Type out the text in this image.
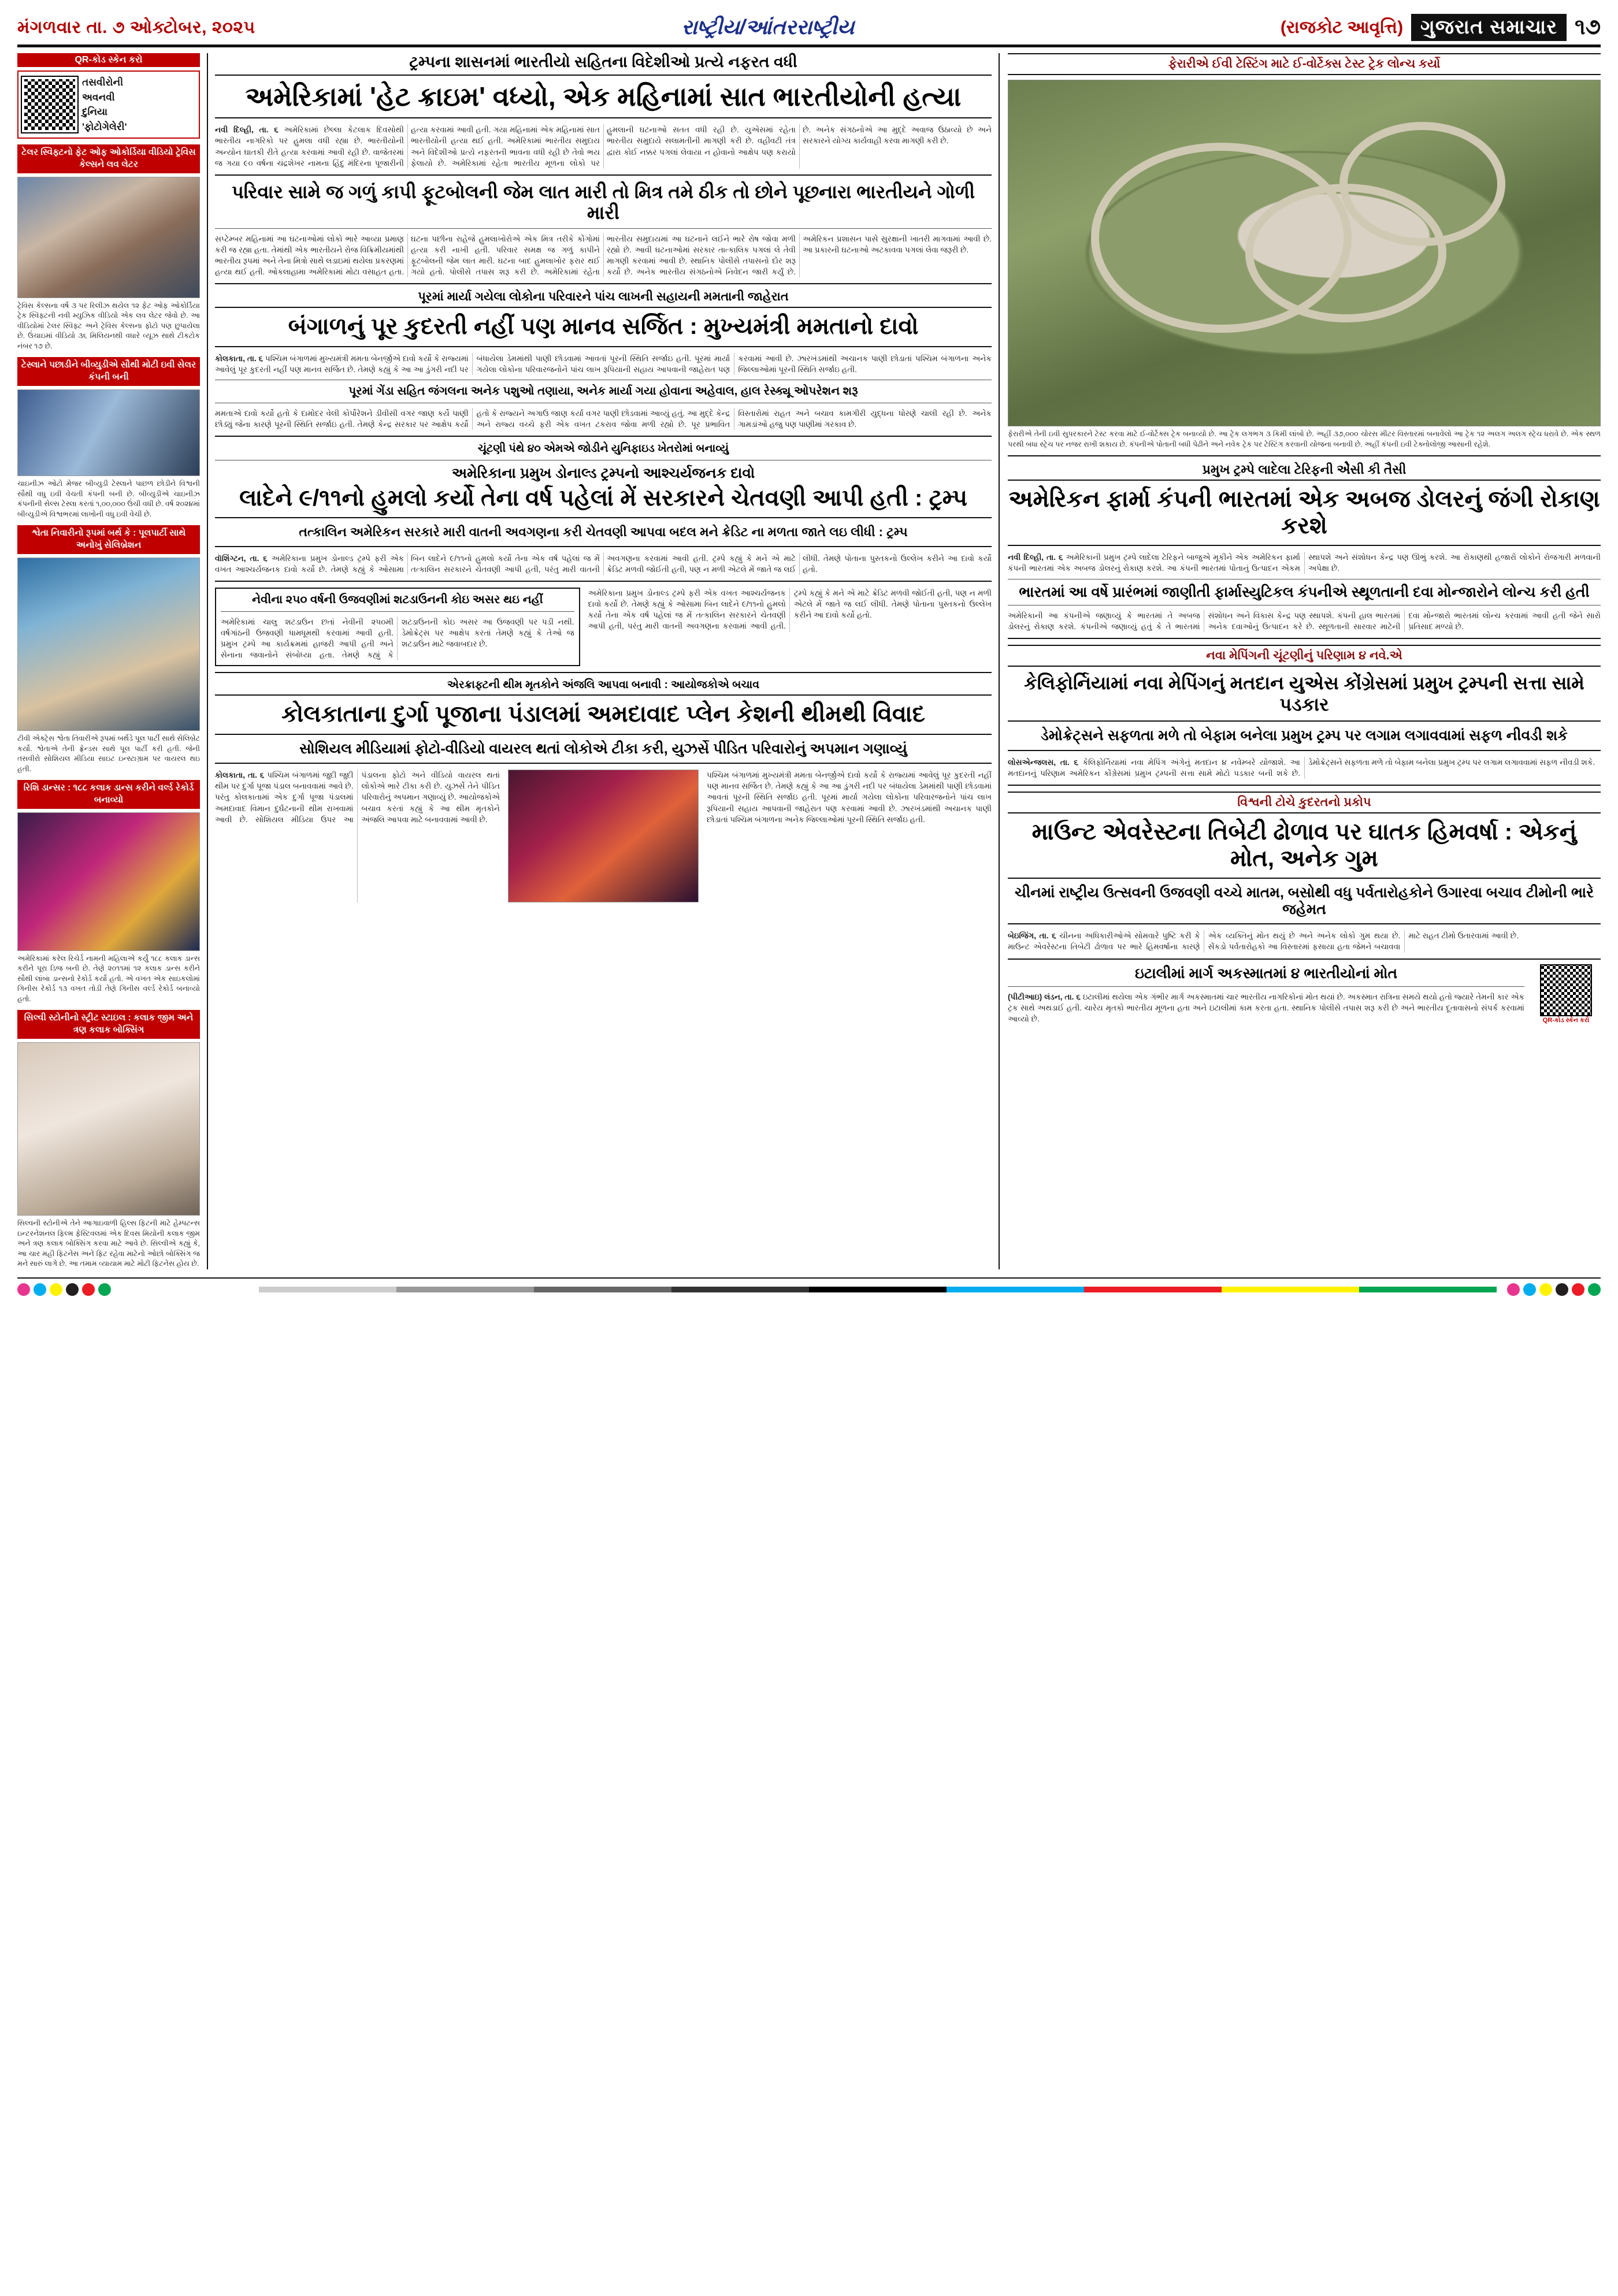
મંગળવાર તા. ૭ ઓક્ટોબર, ૨૦૨૫	રાષ્ટ્રીય/આંતરરાષ્ટ્રીય	(રાજકોટ આવૃત્તિ) ગુજરાત સમાચાર ૧૭
QR-કોડ સ્કેન કરો
તસવીરોની
અવનવી
દુનિયા
'ફોટોગેલેરી'
ટેલર સ્વિફ્ટનો ફેટ ઓફ ઓકોર્ડિયા વીડિયો ટ્રેવિસ કેલ્સને લવ લેટર
ટ્રેવિસ કેલ્સના વર્ષ ૩ પર રિલીઝ થયેલ ૧૨ ફેટ ઓફ ઓકોર્ડિયા ટ્રેક સ્વિફ્ટની નવી મ્યુઝિક વીડિયો એક લવ લેટર જેવો છે. આ વીડિયોમાં ટેલર સ્વિફ્ટ અને ટ્રેવિસ કેલ્સના ફોટો પણ છુપાયેલા છે. ઉંચાઇમાં વીડિયો ૩૬ મિલિયનથી વધારે વ્યૂઝ સાથે ટીકટોક નંબર ૧૭ છે.
ટેસ્લાને પછાડીને બીવ્યુડીએ સૌથી મોટી ઇવી સેલર કંપની બની
ચાઇનીઝ ઓટો મેજર બીવ્યુડી ટેસ્લાને પાછળ છોડીને વિશ્વની સૌથી વધુ ઇવી વેચતી કંપની બની છે. બીવ્યુડીએ ચાઇનીઝ કંપનીની સેલ્સ ટેસ્લા કરતાં ૧,૦૦,૦૦૦ ઉંચી વધી છે. વર્ષ ૨૦૨૪માં બીવ્યુડીએ વિશ્વભરમાં લાખોની વધુ ઇવી વેચી છે.
શ્વેતા નિવારીનો રૂપમાં બર્થ કે : પૂલપાર્ટી સાથે અનોખું સેલિબ્રેશન
ટીવી એક્ટ્રેસ શ્વેતા તિવારીએ રૂપમાં બર્થડે પૂલ પાર્ટી સાથે સેલિબ્રેટ કર્યો. શ્વેતાએ તેની ફ્રેન્ડસ સાથે પૂલ પાર્ટી કરી હતી. જેની તસવીરો સોશિયલ મીડિયા સાઇટ ઇન્સ્ટાગ્રામ પર વાયરલ થઇ હતી.
રિશિ ડાન્સર : ૧૮૮ કલાક ડાન્સ કરીને વર્લ્ડ રેકોર્ડ બનાવ્યો
અમેરિકામાં કરેલ રિચેર્ડ નામની મહિલાએ કર્યું ૧૮૮ કલાક ડાન્સ કરીને પૂરા ડિજ બની છે. તેણે ૨૦૧૧માં ૧૨ કલાક ડાન્સ કરીને સૌથી લાંબા ડાન્સનો રેકોર્ડ કર્યો હતો. એ વખત એક સાઇકલોમાં ગિનીસ રેકોર્ડ ૧૩ વખત તોડી તેણે ગિનીસ વર્લ્ડ રેકોર્ડ બનાવ્યો હતો.
સિલ્વી સ્ટોનીનો સ્ટ્રીટ સ્ટાઇલ : કલાક જીમ અને ત્રણ કલાક બોક્સિંગ
સિલ્વની સ્ટોનીએ તેને આગાઇવાળી હિલ્સ ફિટની માટે હેમ્પટન્સ ઇન્ટરનેશનલ ફિલ્મ ફેસ્ટિવલમાં એક દિવસ મિયોની કલાક જીમ અને ત્રણ કલાક બોક્સિંગ કરવા માટે આવે છે. સિલ્વીએ કહ્યું કે, આ ચાર મહી ફિટનેસ અને ફિટ રહેવા માટેનો ઓછો બોક્સિંગ જ મને સારું લાગે છે. આ તમામ વ્યાયામ માટે મોટી ફિટનેસ હોય છે.
ટ્રમ્પના શાસનમાં ભારતીયો સહિતના વિદેશીઓ પ્રત્યે નફરત વધી
અમેરિકામાં 'હેટ ક્રાઇમ' વધ્યો, એક મહિનામાં સાત ભારતીયોની હત્યા
નવી દિલ્હી, તા. ૬ અમેરિકામાં છેલ્લા કેટલાક દિવસોથી ભારતીય નાગરિકો પર હુમલા વધી રહ્યા છે. ભારતીયોની અન્યોન ઘાતકી રીતે હત્યા કરવામાં આવી રહી છે. વાજેતરમાં જ ગયા ૯૦ વર્ષના ચંદ્રશેખર નામના હિંદુ મંદિરના પૂજારીની હત્યા કરવામાં આવી હતી. ગયા મહિનામાં એક મહિનામાં સાત ભારતીયોની હત્યા થઈ હતી. અમેરિકામાં ભારતીય સમુદાય અને વિદેશીઓ પ્રત્યે નફરતની ભાવના વધી રહી છે તેવો ભય ફેલાયો છે. અમેરિકામાં રહેતા ભારતીય મૂળના લોકો પર હુમલાની ઘટનાઓ સતત વધી રહી છે. યુએસમાં રહેતા ભારતીય સમુદાયે સલામતીની માગણી કરી છે. વહીવટી તંત્ર દ્વારા કોઈ નક્કર પગલાં લેવાયા ન હોવાનો આક્ષેપ પણ કરાયો છે. અનેક સંગઠનોએ આ મુદ્દે અવાજ ઉઠાવ્યો છે અને સરકારને યોગ્ય કાર્યવાહી કરવા માગણી કરી છે.
પરિવાર સામે જ ગળું કાપી ફૂટબોલની જેમ લાત મારી તો મિત્ર તમે ઠીક તો છોને પૂછનારા ભારતીયને ગોળી મારી
સપ્ટેમ્બર મહિનામાં આ ઘટનાઓમાં લોકો ભારે આવ્યા પ્રમાણ કરી જ રહ્યા હતા. તેમાંથી એક ભારતીયને રોજ વિક્રિમીયમાંથી ભારતીય રૂપમાં અને તેના મિત્રો સાથે લડાઇમાં થયેલા પ્રકરણમાં હત્યા થઈ હતી. ઓકલાહામા અમેરિકામાં મોટા વસાહત હતા. ઘટના પછીના રાહેજે હુમલાખોરોએ એક મિત્ર તરીકે કોંગોમાં હત્યા કરી નાખી હતી. પરિવાર સમક્ષ જ ગળું કાપીને ફૂટબોલની જેમ લાત મારી. ઘટના બાદ હુમલાખોર ફરાર થઈ ગયો હતો. પોલીસે તપાસ શરૂ કરી છે. અમેરિકામાં રહેતા ભારતીય સમુદાયમાં આ ઘટનાને લઈને ભારે રોષ જોવા મળી રહ્યો છે. આવી ઘટનાઓમાં સરકાર તાત્કાલિક પગલાં લે તેવી માગણી કરવામાં આવી છે. સ્થાનિક પોલીસે તપાસનો દોર શરૂ કર્યો છે. અનેક ભારતીય સંગઠનોએ નિવેદન જારી કર્યું છે. અમેરિકન પ્રશાસન પાસે સુરક્ષાની ખાતરી માગવામાં આવી છે. આ પ્રકારની ઘટનાઓ અટકાવવા પગલાં લેવા જરૂરી છે.
પૂરમાં માર્યા ગયેલા લોકોના પરિવારને પાંચ લાખની સહાયની મમતાની જાહેરાત
બંગાળનું પૂર કુદરતી નહીં પણ માનવ સર્જિત : મુખ્યમંત્રી મમતાનો દાવો
કોલકાતા, તા. ૬ પશ્ચિમ બંગાળમાં મુખ્યમંત્રી મમતા બેનર્જીએ દાવો કર્યો કે રાજ્યમાં આવેલું પૂર કુદરતી નહીં પણ માનવ સર્જિત છે. તેમણે કહ્યું કે આ આ ડુંગરી નદી પર બંધાયેલા ડેમમાંથી પાણી છોડવામાં આવતાં પૂરની સ્થિતિ સર્જાઇ હતી. પૂરમાં માર્યા ગયેલા લોકોના પરિવારજનોને પાંચ લાખ રૂપિયાની સહાય આપવાની જાહેરાત પણ કરવામાં આવી છે. ઝારખંડમાંથી અચાનક પાણી છોડાતાં પશ્ચિમ બંગાળના અનેક જિલ્લાઓમાં પૂરની સ્થિતિ સર્જાઇ હતી.
પૂરમાં ગેંડા સહિત જંગલના અનેક પશુઓ તણાયા, અનેક માર્યા ગયા હોવાના અહેવાલ, હાલ રેસ્ક્યૂ ઓપરેશન શરૂ
મમતાએ દાવો કર્યો હતો કે દામોદર વેલી કોર્પોરેશને ડીવીસી વગર જાણ કર્યે પાણી છોડ્યું જેના કારણે પૂરની સ્થિતિ સર્જાઇ હતી. તેમણે કેન્દ્ર સરકાર પર આક્ષેપ કર્યો હતો કે રાજ્યને અગાઉ જાણ કર્યા વગર પાણી છોડવામાં આવ્યું હતું. આ મુદ્દે કેન્દ્ર અને રાજ્ય વચ્ચે ફરી એક વખત ટકરાવ જોવા મળી રહ્યો છે. પૂર પ્રભાવિત વિસ્તારોમાં રાહત અને બચાવ કામગીરી યુદ્ધના ધોરણે ચાલી રહી છે. અનેક ગામડાંઓ હજુ પણ પાણીમાં ગરકાવ છે.
ચૂંટણી પંથે ૪૦ એમએ જોડીને યુનિફાઇડ ખેતરોમાં બનાવ્યું
અમેરિકાના પ્રમુખ ડોનાલ્ડ ટ્રમ્પનો આશ્ચર્યજનક દાવો
લાદેને ૯/૧૧નો હુમલો કર્યો તેના વર્ષ પહેલાં મેં સરકારને ચેતવણી આપી હતી : ટ્રમ્પ
તત્કાલિન અમેરિકન સરકારે મારી વાતની અવગણના કરી ચેતવણી આપવા બદલ મને ક્રેડિટ ના મળતા જાતે લઇ લીધી : ટ્રમ્પ
વૉશિંગ્ટન, તા. ૬ અમેરિકાના પ્રમુખ ડોનાલ્ડ ટ્રમ્પે ફરી એક વખત આશ્ચર્યજનક દાવો કર્યો છે. તેમણે કહ્યું કે ઓસામા બિન લાદેને ૯/૧૧નો હુમલો કર્યો તેના એક વર્ષ પહેલાં જ મેં તત્કાલિન સરકારને ચેતવણી આપી હતી, પરંતુ મારી વાતની અવગણના કરવામાં આવી હતી. ટ્રમ્પે કહ્યું કે મને એ માટે ક્રેડિટ મળવી જોઈતી હતી, પણ ન મળી એટલે મેં જાતે જ લઈ લીધી. તેમણે પોતાના પુસ્તકનો ઉલ્લેખ કરીને આ દાવો કર્યો હતો.
નેવીના ૨૫૦ વર્ષની ઉજવણીમાં શટડાઉનની કોઇ અસર થઇ નહીં
અમેરિકામાં ચાલુ શટડાઉન છતાં નેવીની ૨૫૦મી વર્ષગાંઠની ઉજવણી ધામધૂમથી કરવામાં આવી હતી. પ્રમુખ ટ્રમ્પે આ કાર્યક્રમમાં હાજરી આપી હતી અને સેનાના જવાનોને સંબોધ્યા હતા. તેમણે કહ્યું કે શટડાઉનની કોઇ અસર આ ઉજવણી પર પડી નથી. ડેમોક્રેટ્સ પર આક્ષેપ કરતાં તેમણે કહ્યું કે તેઓ જ શટડાઉન માટે જવાબદાર છે.
અમેરિકાના પ્રમુખ ડોનાલ્ડ ટ્રમ્પે ફરી એક વખત આશ્ચર્યજનક દાવો કર્યો છે. તેમણે કહ્યું કે ઓસામા બિન લાદેને ૯/૧૧નો હુમલો કર્યો તેના એક વર્ષ પહેલાં જ મેં તત્કાલિન સરકારને ચેતવણી આપી હતી, પરંતુ મારી વાતની અવગણના કરવામાં આવી હતી. ટ્રમ્પે કહ્યું કે મને એ માટે ક્રેડિટ મળવી જોઈતી હતી, પણ ન મળી એટલે મેં જાતે જ લઈ લીધી. તેમણે પોતાના પુસ્તકનો ઉલ્લેખ કરીને આ દાવો કર્યો હતો.
એરક્રાફ્ટની થીમ મૃતકોને અંજલિ આપવા બનાવી : આયોજકોએ બચાવ
કોલકાતાના દુર્ગા પૂજાના પંડાલમાં અમદાવાદ પ્લેન કેશની થીમથી વિવાદ
સોશિયલ મીડિયામાં ફોટો-વીડિયો વાયરલ થતાં લોકોએ ટીકા કરી, યુઝર્સે પીડિત પરિવારોનું અપમાન ગણાવ્યું
કોલકાતા, તા. ૬ પશ્ચિમ બંગાળમાં જુદી જુદી થીમ પર દુર્ગા પૂજા પંડાલ બનાવવામાં આવે છે. પરંતુ કોલકાતામાં એક દુર્ગા પૂજા પંડાલમાં અમદાવાદ વિમાન દુર્ઘટનાની થીમ રાખવામાં આવી છે. સોશિયલ મીડિયા ઉપર આ પંડાલના ફોટો અને વીડિયો વાયરલ થતાં લોકોએ ભારે ટીકા કરી છે. યુઝર્સે તેને પીડિત પરિવારોનું અપમાન ગણાવ્યું છે. આયોજકોએ બચાવ કરતાં કહ્યું કે આ થીમ મૃતકોને અંજલિ આપવા માટે બનાવવામાં આવી છે.
પશ્ચિમ બંગાળમાં મુખ્યમંત્રી મમતા બેનર્જીએ દાવો કર્યો કે રાજ્યમાં આવેલું પૂર કુદરતી નહીં પણ માનવ સર્જિત છે. તેમણે કહ્યું કે આ આ ડુંગરી નદી પર બંધાયેલા ડેમમાંથી પાણી છોડવામાં આવતાં પૂરની સ્થિતિ સર્જાઇ હતી. પૂરમાં માર્યા ગયેલા લોકોના પરિવારજનોને પાંચ લાખ રૂપિયાની સહાય આપવાની જાહેરાત પણ કરવામાં આવી છે. ઝારખંડમાંથી અચાનક પાણી છોડાતાં પશ્ચિમ બંગાળના અનેક જિલ્લાઓમાં પૂરની સ્થિતિ સર્જાઇ હતી.
ફેરારીએ ઈવી ટેસ્ટિંગ માટે ઈ-વોર્ટેક્સ ટેસ્ટ ટ્રેક લોન્ચ કર્યો
ફેરારીએ તેની ઇવી સુપરકારને ટેસ્ટ કરવા માટે ઈ-વોર્ટેક્સ ટ્રેક બનાવ્યો છે. આ ટ્રેક લગભગ ૩ કિમી લાંબો છે. અહીં ૩૭,૦૦૦ ચોરસ મીટર વિસ્તારમાં બનાવેલો આ ટ્રેક ૧૨ અલગ અલગ સ્ટ્રેચ ધરાવે છે. એક સ્થળ પરથી બધા સ્ટ્રેચ પર નજર રાખી શકાય છે. કંપનીએ પોતાની બધી પેઢીને અને નવેક ટ્રેક પર ટેસ્ટિંગ કરવાની યોજના બનાવી છે. અહીં કંપની ઇવી ટેક્નોલોજી આસાની રહેશે.
પ્રમુખ ટ્રમ્પે લાદેલા ટેરિફની એેસી કી તૈસી
અમેરિકન ફાર્મા કંપની ભારતમાં એક અબજ ડોલરનું જંગી રોકાણ કરશે
નવી દિલ્હી, તા. ૬ અમેરિકાની પ્રમુખ ટ્રમ્પે લાદેલા ટેરિફને બાજુએ મૂકીને એક અમેરિકન ફાર્મા કંપની ભારતમાં એક અબજ ડોલરનું રોકાણ કરશે. આ કંપની ભારતમાં પોતાનું ઉત્પાદન એકમ સ્થાપશે અને સંશોધન કેન્દ્ર પણ ઊભું કરશે. આ રોકાણથી હજારો લોકોને રોજગારી મળવાની અપેક્ષા છે.
ભારતમાં આ વર્ષે પ્રારંભમાં જાણીતી ફાર્માસ્યુટિકલ કંપનીએ સ્થૂળતાની દવા મોન્જારોને લોન્ચ કરી હતી
અમેરિકાની આ કંપનીએ જણાવ્યું કે ભારતમાં તે અબજ ડોલરનું રોકાણ કરશે. કંપનીએ જણાવ્યું હતું કે તે ભારતમાં સંશોધન અને વિકાસ કેન્દ્ર પણ સ્થાપશે. કંપની હાલ ભારતમાં અનેક દવાઓનું ઉત્પાદન કરે છે. સ્થૂળતાની સારવાર માટેની દવા મોન્જારો ભારતમાં લોન્ચ કરવામાં આવી હતી જેને સારો પ્રતિસાદ મળ્યો છે.
નવા મેપિંગની ચૂંટણીનું પરિણામ ૪ નવે.એ
કેલિફોર્નિયામાં નવા મેપિંગનું મતદાન યુએસ કોંગ્રેસમાં પ્રમુખ ટ્રમ્પની સત્તા સામે પડકાર
ડેમોક્રેટ્સને સફળતા મળે તો બેફામ બનેલા પ્રમુખ ટ્રમ્પ પર લગામ લગાવવામાં સફળ નીવડી શકે
લોસએન્જલસ, તા. ૬ કેલિફોર્નિયામાં નવા મેપિંગ અંગેનું મતદાન ૪ નવેમ્બરે યોજાશે. આ મતદાનનું પરિણામ અમેરિકન કોંગ્રેસમાં પ્રમુખ ટ્રમ્પની સત્તા સામે મોટો પડકાર બની શકે છે. ડેમોક્રેટ્સને સફળતા મળે તો બેફામ બનેલા પ્રમુખ ટ્રમ્પ પર લગામ લગાવવામાં સફળ નીવડી શકે.
વિશ્વની ટોચે કુદરતનો પ્રકોપ
માઉન્ટ એવરેસ્ટના તિબેટી ઢોળાવ પર ઘાતક હિમવર્ષા : એકનું મોત, અનેક ગુમ
ચીનમાં રાષ્ટ્રીય ઉત્સવની ઉજવણી વચ્ચે માતમ, બસોથી વધુ પર્વતારોહકોને ઉગારવા બચાવ ટીમોની ભારે જહેમત
બેઇજિંગ, તા. ૬ ચીનના અધિકારીઓએ સોમવારે પુષ્ટિ કરી કે માઉન્ટ એવરેસ્ટના તિબેટી ઢોળાવ પર ભારે હિમવર્ષાના કારણે એક વ્યક્તિનું મોત થયું છે અને અનેક લોકો ગુમ થયા છે. સેંકડો પર્વતારોહકો આ વિસ્તારમાં ફસાયા હતા જેમને બચાવવા માટે રાહત ટીમો ઉતારવામાં આવી છે.
ઇટાલીમાં માર્ગ અકસ્માતમાં ૪ ભારતીયોનાં મોત
(પીટીઆઇ) લંડન, તા. ૬ ઇટાલીમાં થયેલા એક ગંભીર માર્ગ અકસ્માતમાં ચાર ભારતીય નાગરિકોનાં મોત થયાં છે. અકસ્માત રાત્રિના સમયે થયો હતો જ્યારે તેમની કાર એક ટ્રક સાથે અથડાઈ હતી. ચારેય મૃતકો ભારતીય મૂળના હતા અને ઇટાલીમાં કામ કરતા હતા. સ્થાનિક પોલીસે તપાસ શરૂ કરી છે અને ભારતીય દૂતાવાસનો સંપર્ક કરવામાં આવ્યો છે.	QR-કોડ સ્કેન કરો
